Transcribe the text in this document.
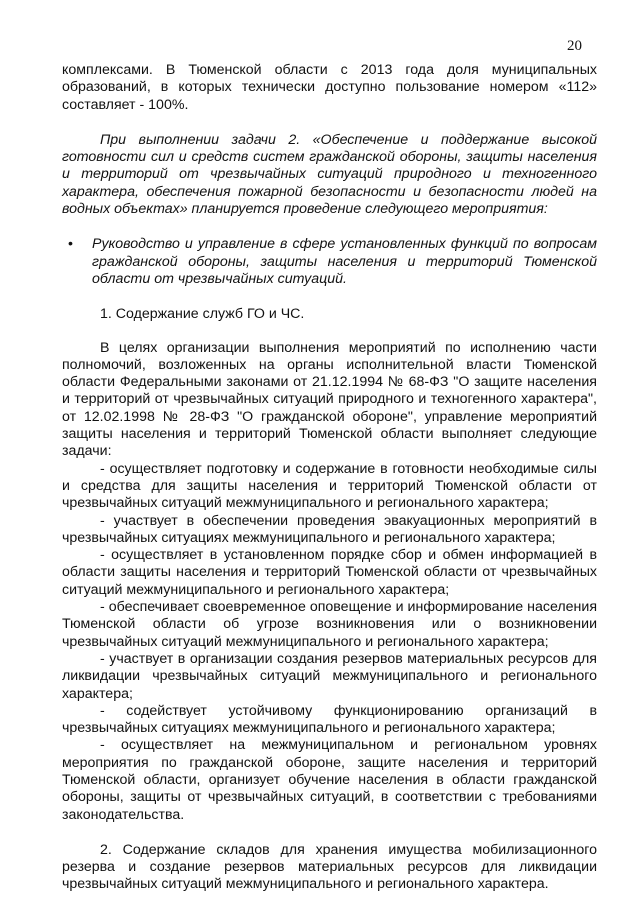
20

комплексами. В Тюменской области с 2013 года доля муниципальных образований, в которых технически доступно пользование номером «112» составляет - 100%.

При выполнении задачи 2. «Обеспечение и поддержание высокой готовности сил и средств систем гражданской обороны, защиты населения и территорий от чрезвычайных ситуаций природного и техногенного характера, обеспечения пожарной безопасности и безопасности людей на водных объектах» планируется проведение следующего мероприятия:

•	Руководство и управление в сфере установленных функций по вопросам гражданской обороны, защиты населения и территорий Тюменской области от чрезвычайных ситуаций.

1. Содержание служб ГО и ЧС.

В целях организации выполнения мероприятий по исполнению части полномочий, возложенных на органы исполнительной власти Тюменской области Федеральными законами от 21.12.1994 № 68-ФЗ "О защите населения и территорий от чрезвычайных ситуаций природного и техногенного характера", от 12.02.1998 № 28-ФЗ "О гражданской обороне", управление мероприятий защиты населения и территорий Тюменской области выполняет следующие задачи:

- осуществляет подготовку и содержание в готовности необходимые силы и средства для защиты населения и территорий Тюменской области от чрезвычайных ситуаций межмуниципального и регионального характера;
- участвует в обеспечении проведения эвакуационных мероприятий в чрезвычайных ситуациях межмуниципального и регионального характера;
- осуществляет в установленном порядке сбор и обмен информацией в области защиты населения и территорий Тюменской области от чрезвычайных ситуаций межмуниципального и регионального характера;
- обеспечивает своевременное оповещение и информирование населения Тюменской области об угрозе возникновения или о возникновении чрезвычайных ситуаций межмуниципального и регионального характера;
- участвует в организации создания резервов материальных ресурсов для ликвидации чрезвычайных ситуаций межмуниципального и регионального характера;
- содействует устойчивому функционированию организаций в чрезвычайных ситуациях межмуниципального и регионального характера;
- осуществляет на межмуниципальном и региональном уровнях мероприятия по гражданской обороне, защите населения и территорий Тюменской области, организует обучение населения в области гражданской обороны, защиты от чрезвычайных ситуаций, в соответствии с требованиями законодательства.

2. Содержание складов для хранения имущества мобилизационного резерва и создание резервов материальных ресурсов для ликвидации чрезвычайных ситуаций межмуниципального и регионального характера.
